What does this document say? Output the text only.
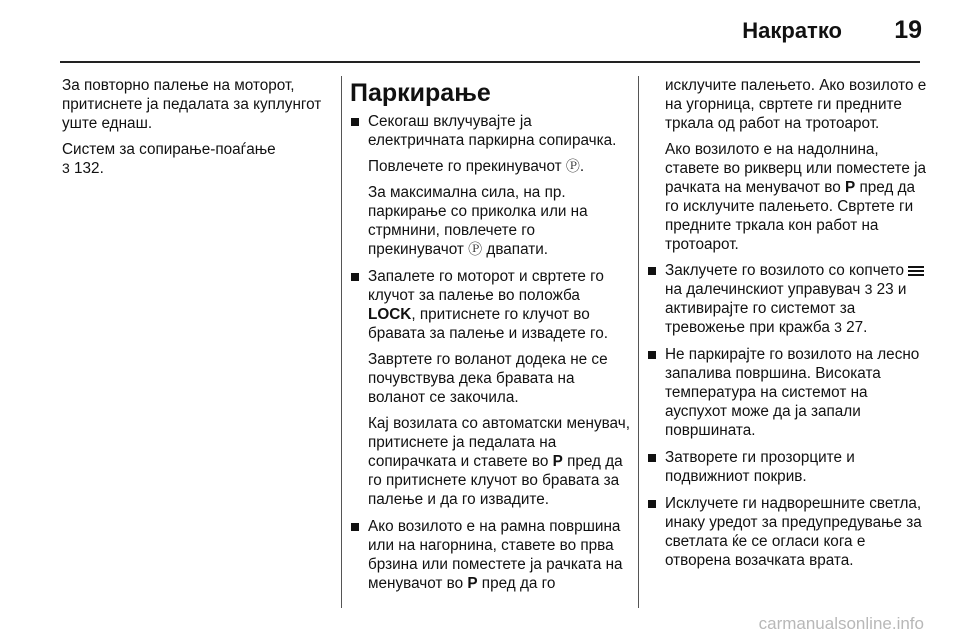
Накратко 19

За повторно палење на моторот, притиснете ја педалата за куплунгот уште еднаш.

Систем за сопирање-поаѓање
3 132.

Паркирање

Секогаш вклучувајте ја електричната паркирна сопирачка.

Повлечете го прекинувачот Ⓟ.

За максимална сила, на пр. паркирање со приколка или на стрмнини, повлечете го прекинувачот Ⓟ двапати.

Запалете го моторот и свртете го клучот за палење во положба LOCK, притиснете го клучот во бравата за палење и извадете го.

Завртете го воланот додека не се почувствува дека бравата на воланот се закочила.

Кај возилата со автоматски менувач, притиснете ја педалата на сопирачката и ставете во P пред да го притиснете клучот во бравата за палење и да го извадите.

Ако возилото е на рамна површина или на нагорнина, ставете во прва брзина или поместете ја рачката на менувачот во P пред да го

исклучите палењето. Ако возилото е на угорница, свртете ги предните тркала од работ на тротоарот.

Ако возилото е на надолнина, ставете во рикверц или поместете ја рачката на менувачот во P пред да го исклучите палењето. Свртете ги предните тркала кон работ на тротоарот.

Заклучете го возилото со копчето
на далечинскиот управувач 3 23 и активирајте го системот за тревожење при кражба 3 27.

Не паркирајте го возилото на лесно запалива површина. Високата температура на системот на ауспухот може да ја запали површината.

Затворете ги прозорците и подвижниот покрив.

Исклучете ги надворешните светла, инаку уредот за предупредување за светлата ќе се огласи кога е отворена возачката врата.

carmanualsonline.info
